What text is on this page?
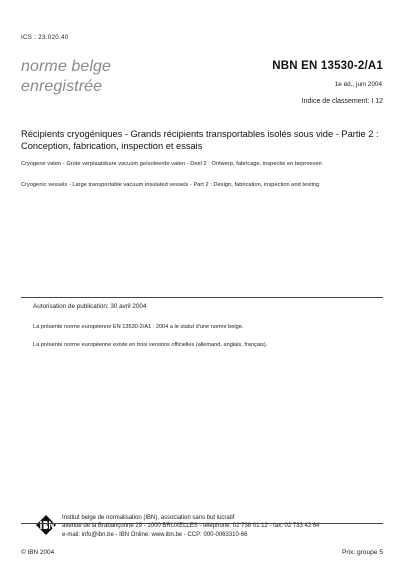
ICS : 23.020.40
norme belge
enregistrée
NBN EN 13530-2/A1
1e éd., juin 2004
Indice de classement: I 12
Récipients cryogéniques - Grands récipients transportables isolés sous vide - Partie 2 : Conception, fabrication, inspection et essais
Cryogene vaten - Grote verplaatsbare vacuüm geïsoleerde vaten - Deel 2 : Ontwerp, fabricage, inspectie en beproeven
Cryogenic vessels - Large transportable vacuum insulated vessels - Part 2 : Design, fabrication, inspection and testing
Autorisation de publication: 30 avril 2004
La présente norme européenne EN 13530-2/A1 : 2004 a le statut d'une norme belge.
La présente norme européenne existe en trois versions officielles (allemand, anglais, français).
Institut belge de normalisation (IBN), association sans but lucratif
avenue de la Brabançonne 29 - 1000 BRUXELLES - téléphone: 02 738 01 12 - fax: 02 733 42 64
e-mail: info@ibn.be - IBN Online: www.ibn.be - CCP: 000-0063310-66
© IBN 2004	Prix: groupe 5
